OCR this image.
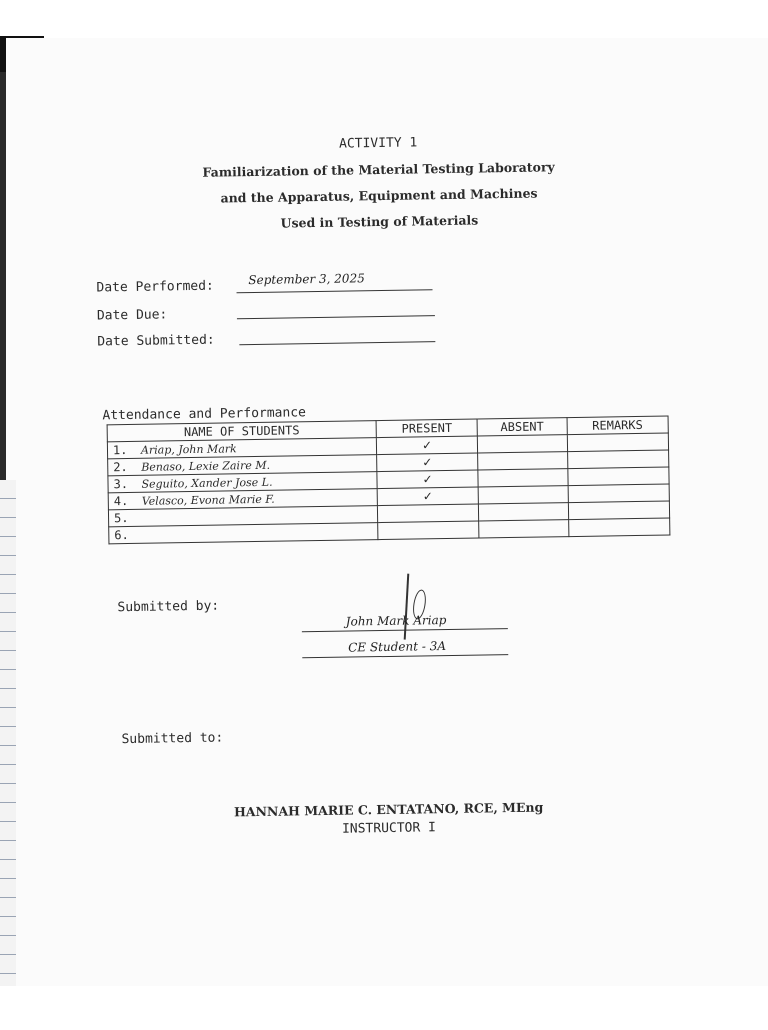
ACTIVITY 1
Familiarization of the Material Testing Laboratory
and the Apparatus, Equipment and Machines
Used in Testing of Materials
Date Performed:	September 3, 2025
Date Due:
Date Submitted:
Attendance and Performance
NAME OF STUDENTS	PRESENT	ABSENT	REMARKS
1. Ariap, John Mark	✓		
2. Benaso, Lexie Zaire M.	✓		
3. Seguito, Xander Jose L.	✓		
4. Velasco, Evona Marie F.	✓		
5.			
6.			
Submitted by:
John Mark Ariap
CE Student - 3A
Submitted to:
HANNAH MARIE C. ENTATANO, RCE, MEng
INSTRUCTOR I
